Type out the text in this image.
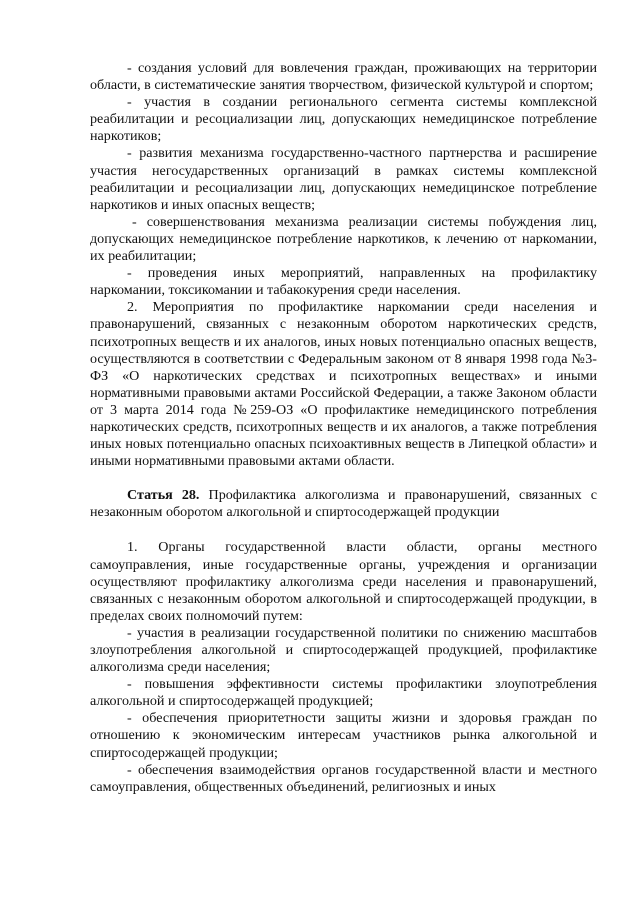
- создания условий для вовлечения граждан, проживающих на территории области, в систематические занятия творчеством, физической культурой и спортом;

- участия в создании регионального сегмента системы комплексной реабилитации и ресоциализации лиц, допускающих немедицинское потребление наркотиков;

- развития механизма государственно-частного партнерства и расширение участия негосударственных организаций в рамках системы комплексной реабилитации и ресоциализации лиц, допускающих немедицинское потребление наркотиков и иных опасных веществ;

- совершенствования механизма реализации системы побуждения лиц, допускающих немедицинское потребление наркотиков, к лечению от наркомании, их реабилитации;

- проведения иных мероприятий, направленных на профилактику наркомании, токсикомании и табакокурения среди населения.

2. Мероприятия по профилактике наркомании среди населения и правонарушений, связанных с незаконным оборотом наркотических средств, психотропных веществ и их аналогов, иных новых потенциально опасных веществ, осуществляются в соответствии с Федеральным законом от 8 января 1998 года №3-ФЗ «О наркотических средствах и психотропных веществах» и иными нормативными правовыми актами Российской Федерации, а также Законом области от 3 марта 2014 года №259-ОЗ «О профилактике немедицинского потребления наркотических средств, психотропных веществ и их аналогов, а также потребления иных новых потенциально опасных психоактивных веществ в Липецкой области» и иными нормативными правовыми актами области.

Статья 28. Профилактика алкоголизма и правонарушений, связанных с незаконным оборотом алкогольной и спиртосодержащей продукции

1. Органы государственной власти области, органы местного самоуправления, иные государственные органы, учреждения и организации осуществляют профилактику алкоголизма среди населения и правонарушений, связанных с незаконным оборотом алкогольной и спиртосодержащей продукции, в пределах своих полномочий путем:

- участия в реализации государственной политики по снижению масштабов злоупотребления алкогольной и спиртосодержащей продукцией, профилактике алкоголизма среди населения;

- повышения эффективности системы профилактики злоупотребления алкогольной и спиртосодержащей продукцией;

- обеспечения приоритетности защиты жизни и здоровья граждан по отношению к экономическим интересам участников рынка алкогольной и спиртосодержащей продукции;

- обеспечения взаимодействия органов государственной власти и местного самоуправления, общественных объединений, религиозных и иных
